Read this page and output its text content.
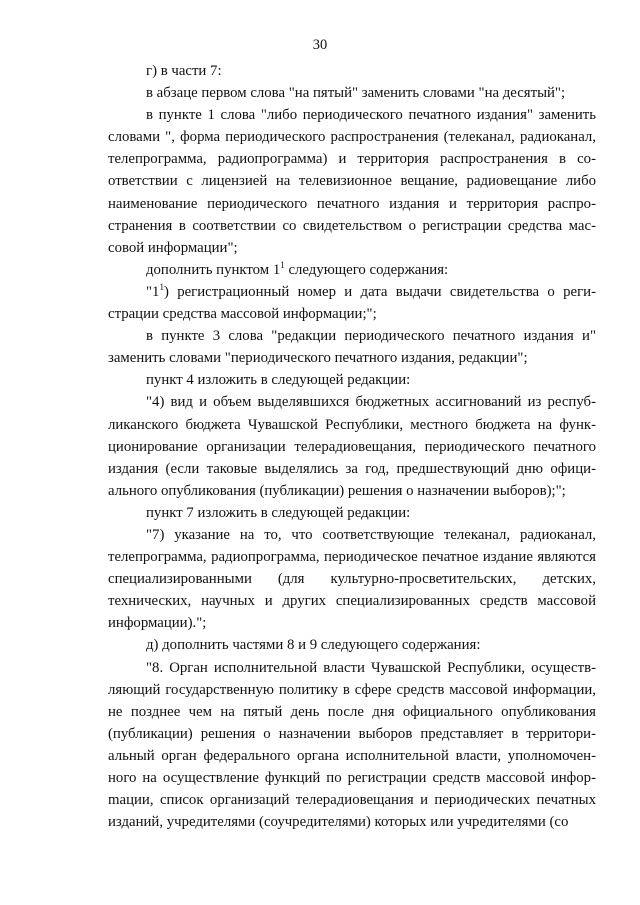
30

г) в части 7:

в абзаце первом слова "на пятый" заменить словами "на десятый";

в пункте 1 слова "либо периодического печатного издания" заменить словами ", форма периодического распространения (телеканал, радиоканал, телепрограмма, радиопрограмма) и территория распространения в соответствии с лицензией на телевизионное вещание, радиовещание либо наименование периодического печатного издания и территория распространения в соответствии со свидетельством о регистрации средства массовой информации";

дополнить пунктом $1^1$ следующего содержания:

"$1^1$) регистрационный номер и дата выдачи свидетельства о регистрации средства массовой информации;";

в пункте 3 слова "редакции периодического печатного издания и" заменить словами "периодического печатного издания, редакции";

пункт 4 изложить в следующей редакции:

"4) вид и объем выделявшихся бюджетных ассигнований из республиканского бюджета Чувашской Республики, местного бюджета на функционирование организации телерадиовещания, периодического печатного издания (если таковые выделялись за год, предшествующий дню официального опубликования (публикации) решения о назначении выборов);";

пункт 7 изложить в следующей редакции:

"7) указание на то, что соответствующие телеканал, радиоканал, телепрограмма, радиопрограмма, периодическое печатное издание являются специализированными (для культурно-просветительских, детских, технических, научных и других специализированных средств массовой информации).";

д) дополнить частями 8 и 9 следующего содержания:

"8. Орган исполнительной власти Чувашской Республики, осуществляющий государственную политику в сфере средств массовой информации, не позднее чем на пятый день после дня официального опубликования (публикации) решения о назначении выборов представляет в территориальный орган федерального органа исполнительной власти, уполномоченного на осуществление функций по регистрации средств массовой инфорmации, список организаций телерадиовещания и периодических печатных изданий, учредителями (соучредителями) которых или учредителями (со
